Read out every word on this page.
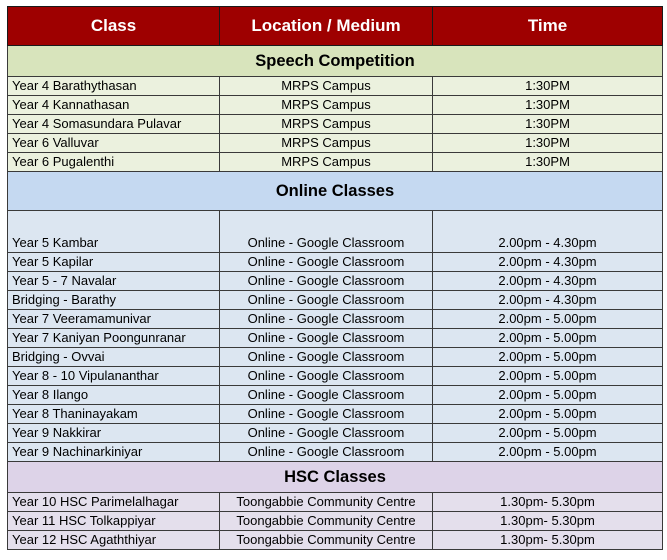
Class	Location / Medium	Time
Speech Competition		
Year 4 Barathythasan	MRPS Campus	1:30PM
Year 4 Kannathasan	MRPS Campus	1:30PM
Year 4 Somasundara Pulavar	MRPS Campus	1:30PM
Year 6 Valluvar	MRPS Campus	1:30PM
Year 6 Pugalenthi	MRPS Campus	1:30PM
Online Classes		
Year 5 Kambar	Online - Google Classroom	2.00pm - 4.30pm
Year 5 Kapilar	Online - Google Classroom	2.00pm - 4.30pm
Year 5 - 7 Navalar	Online - Google Classroom	2.00pm - 4.30pm
Bridging - Barathy	Online - Google Classroom	2.00pm - 4.30pm
Year 7 Veeramamunivar	Online - Google Classroom	2.00pm - 5.00pm
Year 7 Kaniyan Poongunranar	Online - Google Classroom	2.00pm - 5.00pm
Bridging - Ovvai	Online - Google Classroom	2.00pm - 5.00pm
Year 8 - 10 Vipulananthar	Online - Google Classroom	2.00pm - 5.00pm
Year 8 Ilango	Online - Google Classroom	2.00pm - 5.00pm
Year 8 Thaninayakam	Online - Google Classroom	2.00pm - 5.00pm
Year 9 Nakkirar	Online - Google Classroom	2.00pm - 5.00pm
Year 9 Nachinarkiniyar	Online - Google Classroom	2.00pm - 5.00pm
HSC Classes		
Year 10 HSC Parimelalhagar	Toongabbie Community Centre	1.30pm- 5.30pm
Year 11 HSC Tolkappiyar	Toongabbie Community Centre	1.30pm- 5.30pm
Year 12 HSC Agaththiyar	Toongabbie Community Centre	1.30pm- 5.30pm
